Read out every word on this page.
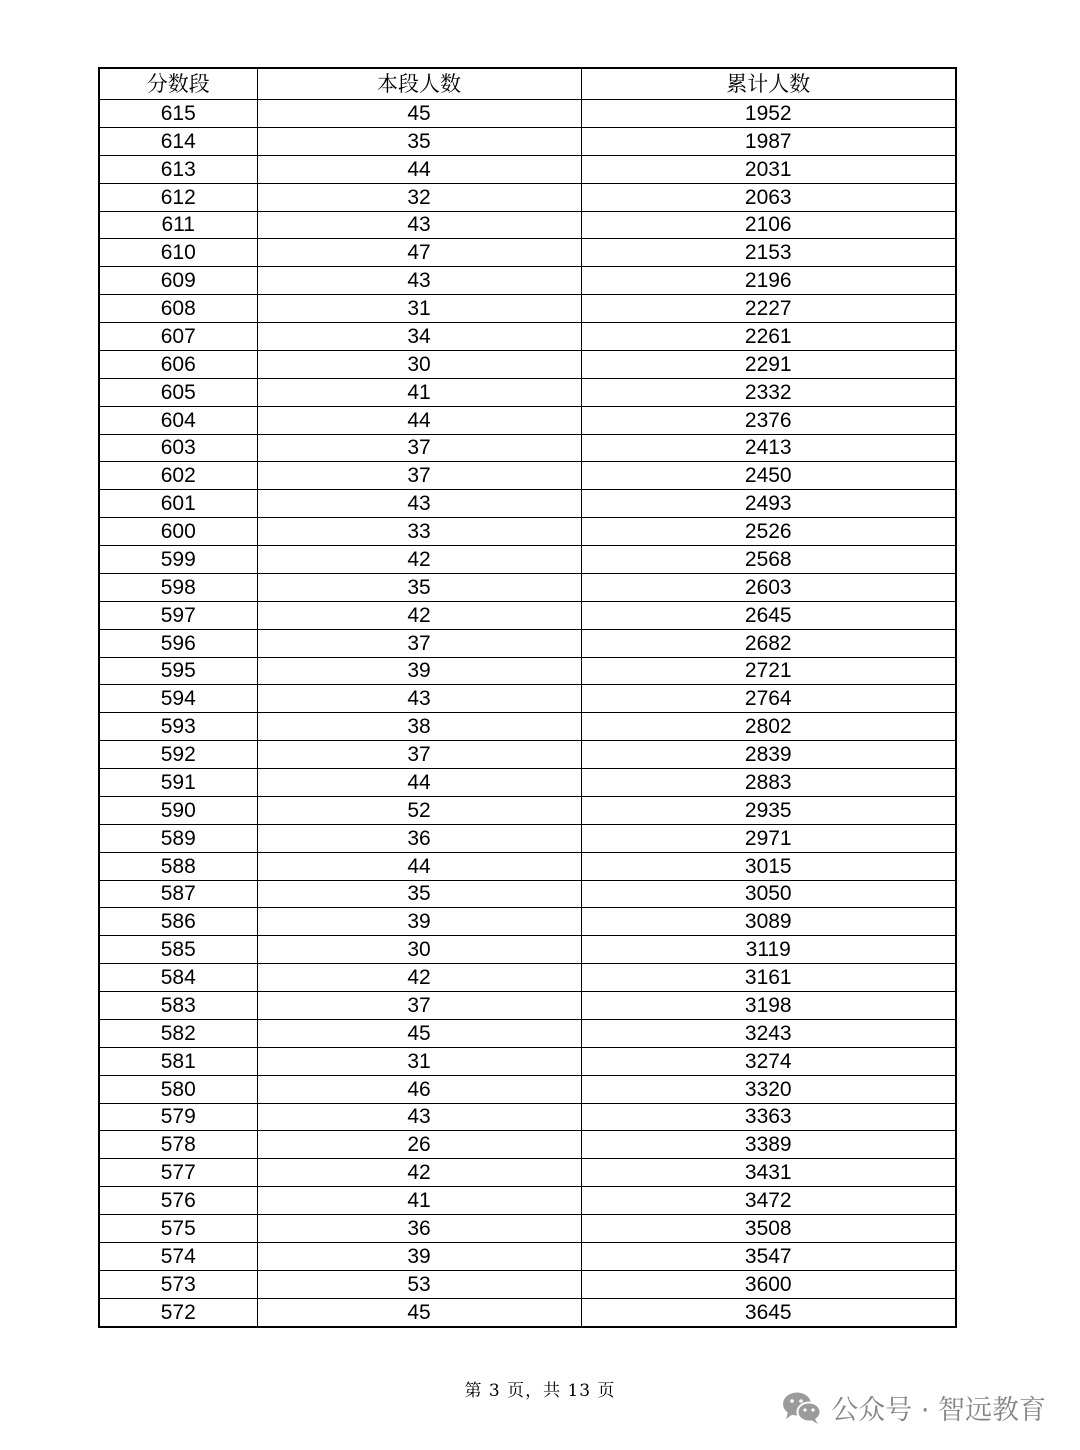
分数段	本段人数	累计人数
615	45	1952
614	35	1987
613	44	2031
612	32	2063
611	43	2106
610	47	2153
609	43	2196
608	31	2227
607	34	2261
606	30	2291
605	41	2332
604	44	2376
603	37	2413
602	37	2450
601	43	2493
600	33	2526
599	42	2568
598	35	2603
597	42	2645
596	37	2682
595	39	2721
594	43	2764
593	38	2802
592	37	2839
591	44	2883
590	52	2935
589	36	2971
588	44	3015
587	35	3050
586	39	3089
585	30	3119
584	42	3161
583	37	3198
582	45	3243
581	31	3274
580	46	3320
579	43	3363
578	26	3389
577	42	3431
576	41	3472
575	36	3508
574	39	3547
573	53	3600
572	45	3645
第 3 页，共 13 页
公众号 · 智远教育
